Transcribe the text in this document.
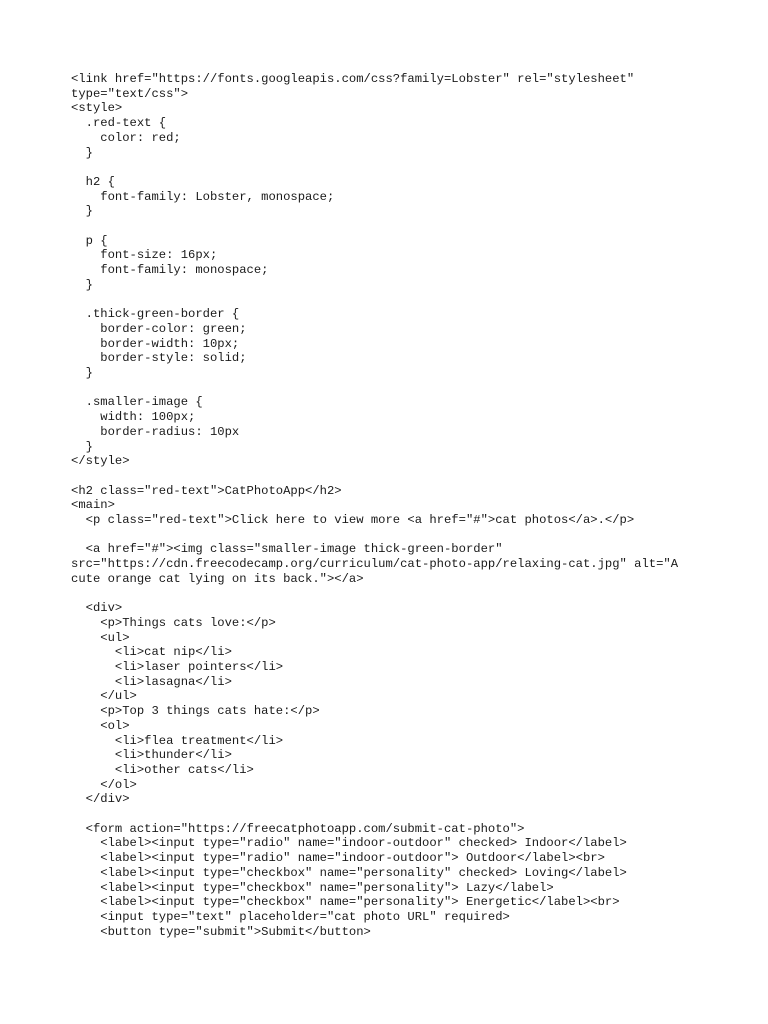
<link href="https://fonts.googleapis.com/css?family=Lobster" rel="stylesheet"
type="text/css">
<style>
.red-text {
color: red;
}
h2 {
font-family: Lobster, monospace;
}
p {
font-size: 16px;
font-family: monospace;
}
.thick-green-border {
border-color: green;
border-width: 10px;
border-style: solid;
}
.smaller-image {
width: 100px;
border-radius: 10px
}
</style>
<h2 class="red-text">CatPhotoApp</h2>
<main>
<p class="red-text">Click here to view more <a href="#">cat photos</a>.</p>
<a href="#"><img class="smaller-image thick-green-border"
src="https://cdn.freecodecamp.org/curriculum/cat-photo-app/relaxing-cat.jpg" alt="A
cute orange cat lying on its back."></a>
<div>
<p>Things cats love:</p>
<ul>
<li>cat nip</li>
<li>laser pointers</li>
<li>lasagna</li>
</ul>
<p>Top 3 things cats hate:</p>
<ol>
<li>flea treatment</li>
<li>thunder</li>
<li>other cats</li>
</ol>
</div>
<form action="https://freecatphotoapp.com/submit-cat-photo">
<label><input type="radio" name="indoor-outdoor" checked> Indoor</label>
<label><input type="radio" name="indoor-outdoor"> Outdoor</label><br>
<label><input type="checkbox" name="personality" checked> Loving</label>
<label><input type="checkbox" name="personality"> Lazy</label>
<label><input type="checkbox" name="personality"> Energetic</label><br>
<input type="text" placeholder="cat photo URL" required>
<button type="submit">Submit</button>
